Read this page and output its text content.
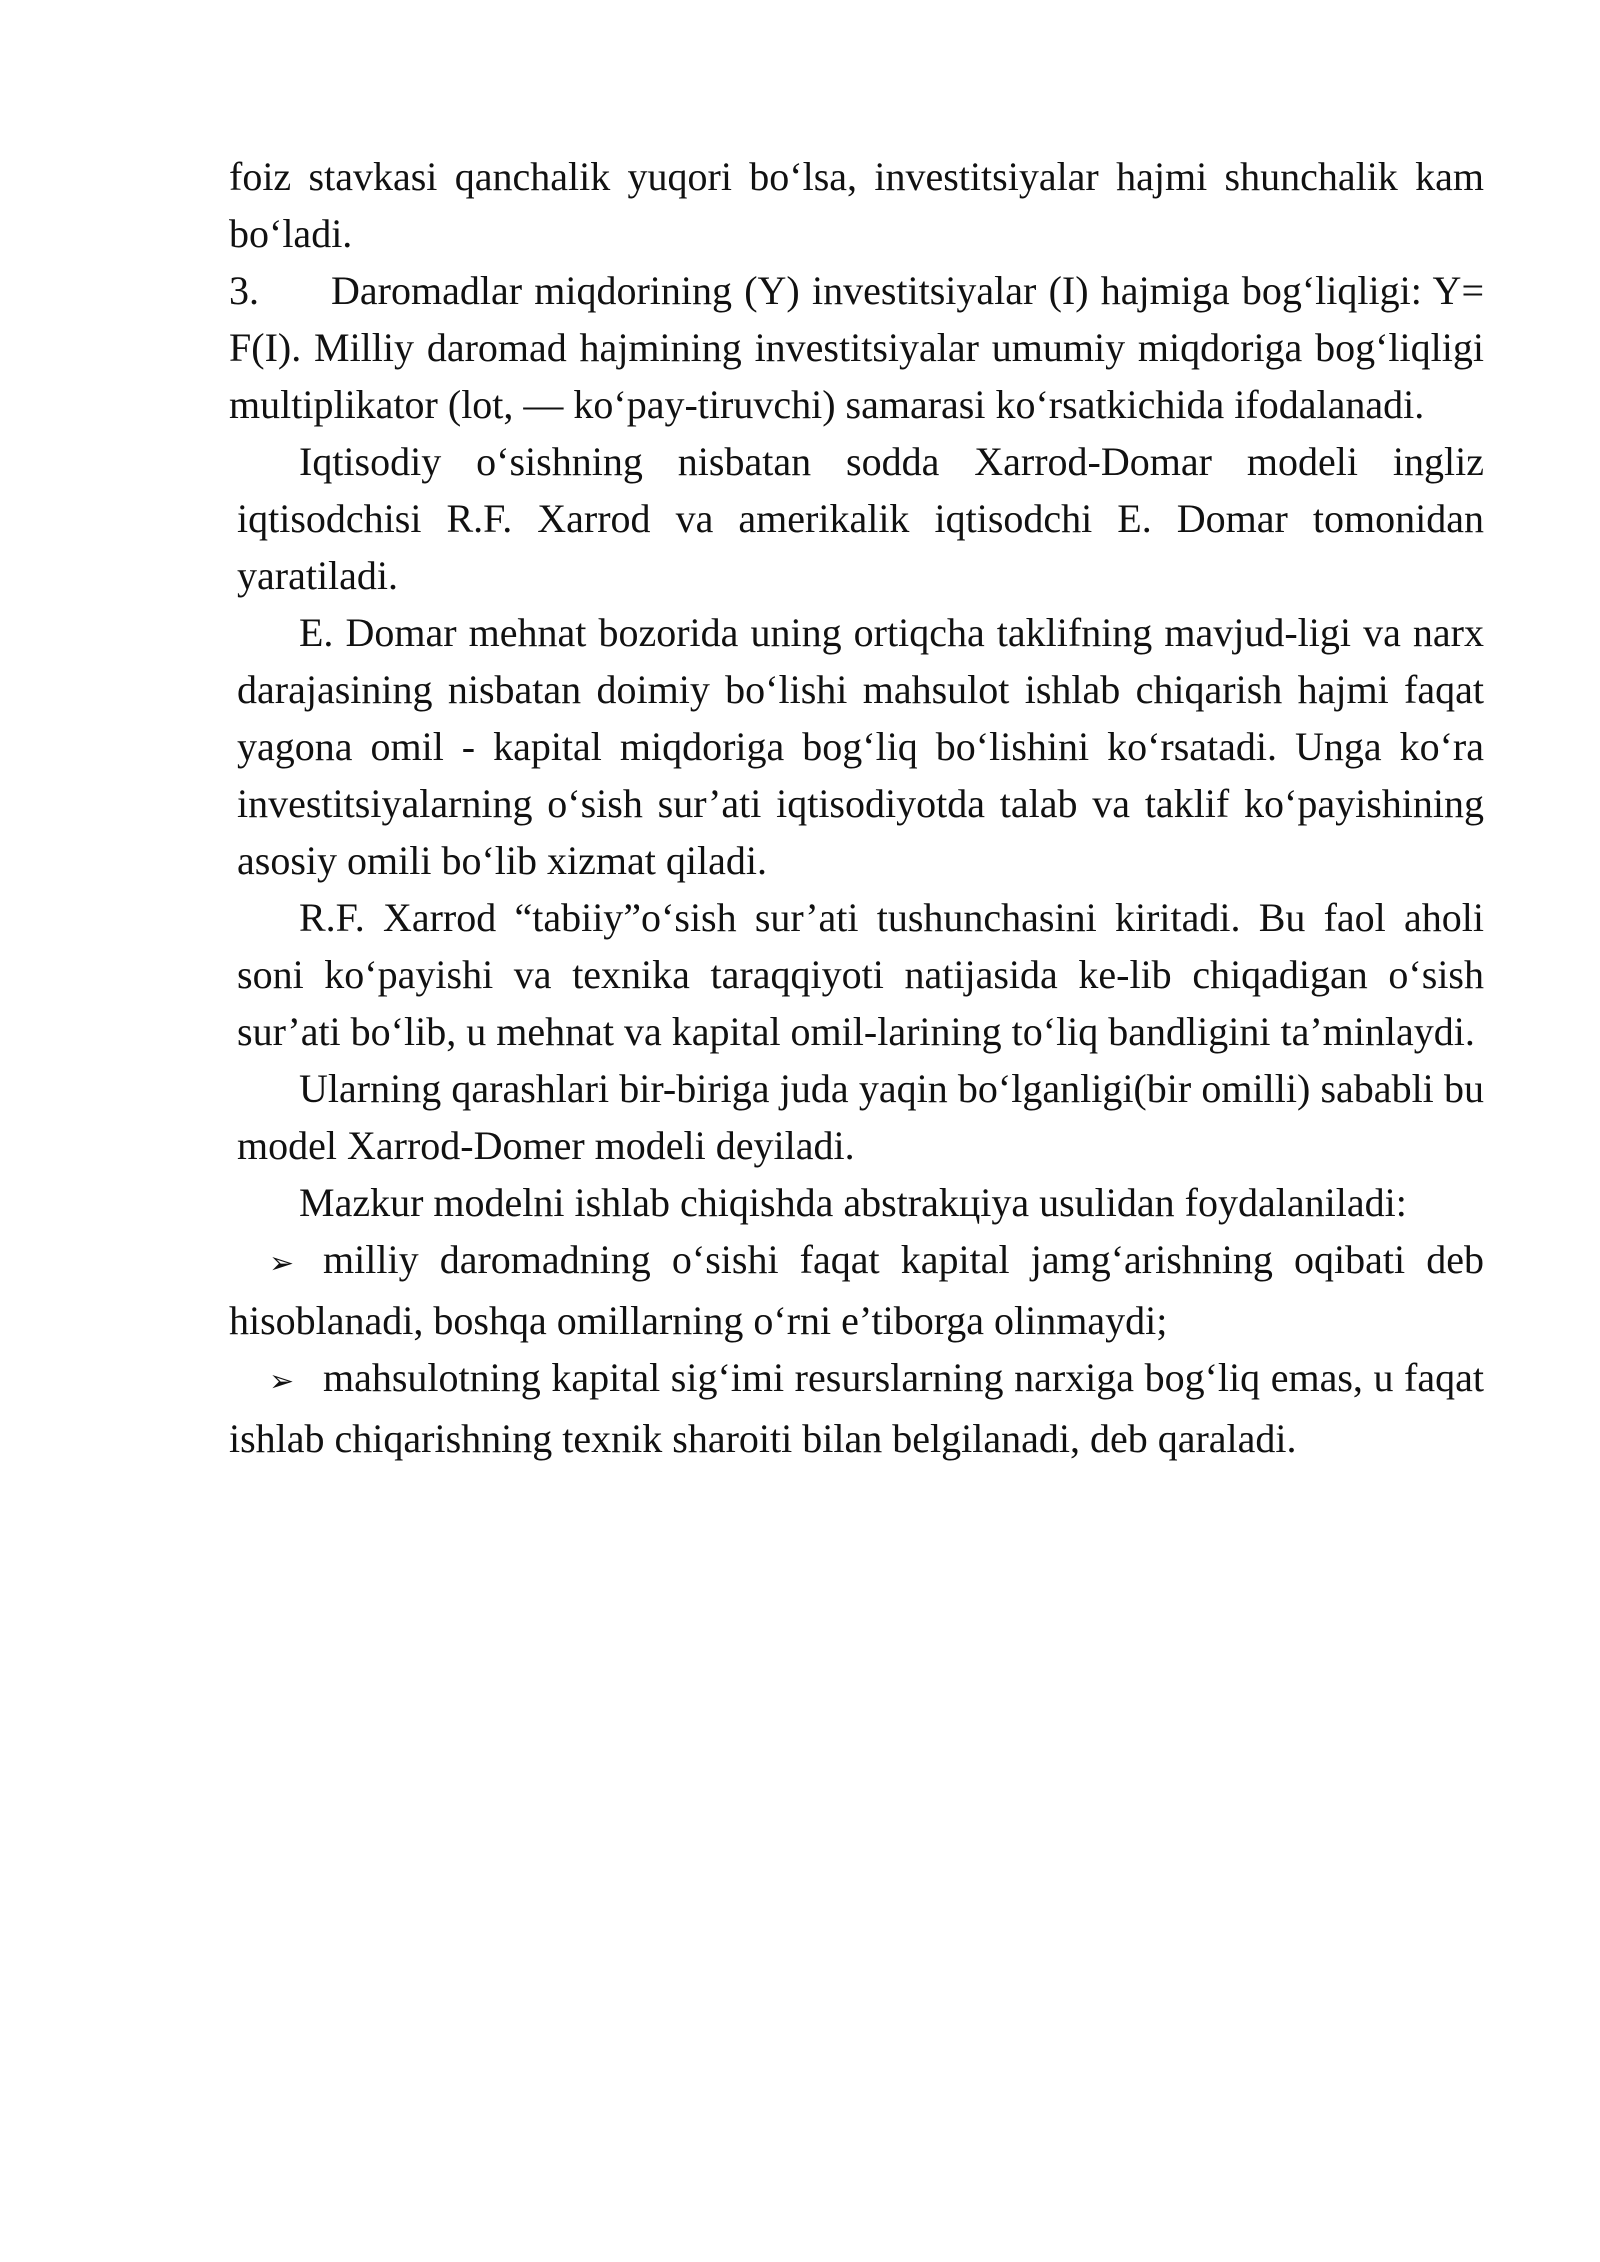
foiz stavkasi qanchalik yuqori bo‘lsa, investitsiyalar hajmi shunchalik kam bo‘ladi.

3. Daromadlar miqdorining (Y) investitsiyalar (I) hajmiga bog‘liqligi: Y= F(I). Milliy daromad hajmining investitsiyalar umumiy miqdoriga bog‘liqligi multiplikator (lot, — ko‘pay-tiruvchi) samarasi ko‘rsatkichida ifodalanadi.

Iqtisodiy o‘sishning nisbatan sodda Xarrod-Domar modeli ingliz iqtisodchisi R.F. Xarrod va amerikalik iqtisodchi E. Domar tomonidan yaratiladi.

E. Domar mehnat bozorida uning ortiqcha taklifning mavjud-ligi va narx darajasining nisbatan doimiy bo‘lishi mahsulot ishlab chiqarish hajmi faqat yagona omil - kapital miqdoriga bog‘liq bo‘lishini ko‘rsatadi. Unga ko‘ra investitsiyalarning o‘sish sur’ati iqtisodiyotda talab va taklif ko‘payishining asosiy omili bo‘lib xizmat qiladi.

R.F. Xarrod “tabiiy”o‘sish sur’ati tushunchasini kiritadi. Bu faol aholi soni ko‘payishi va texnika taraqqiyoti natijasida ke-lib chiqadigan o‘sish sur’ati bo‘lib, u mehnat va kapital omil-larining to‘liq bandligini ta’minlaydi.

Ularning qarashlari bir-biriga juda yaqin bo‘lganligi(bir omilli) sababli bu model Xarrod-Domer modeli deyiladi.

Mazkur modelni ishlab chiqishda abstrakцiya usulidan foydalaniladi:

➢ milliy daromadning o‘sishi faqat kapital jamg‘arishning oqibati deb hisoblanadi, boshqa omillarning o‘rni e’tiborga olinmaydi;

➢ mahsulotning kapital sig‘imi resurslarning narxiga bog‘liq emas, u faqat ishlab chiqarishning texnik sharoiti bilan belgilanadi, deb qaraladi.
